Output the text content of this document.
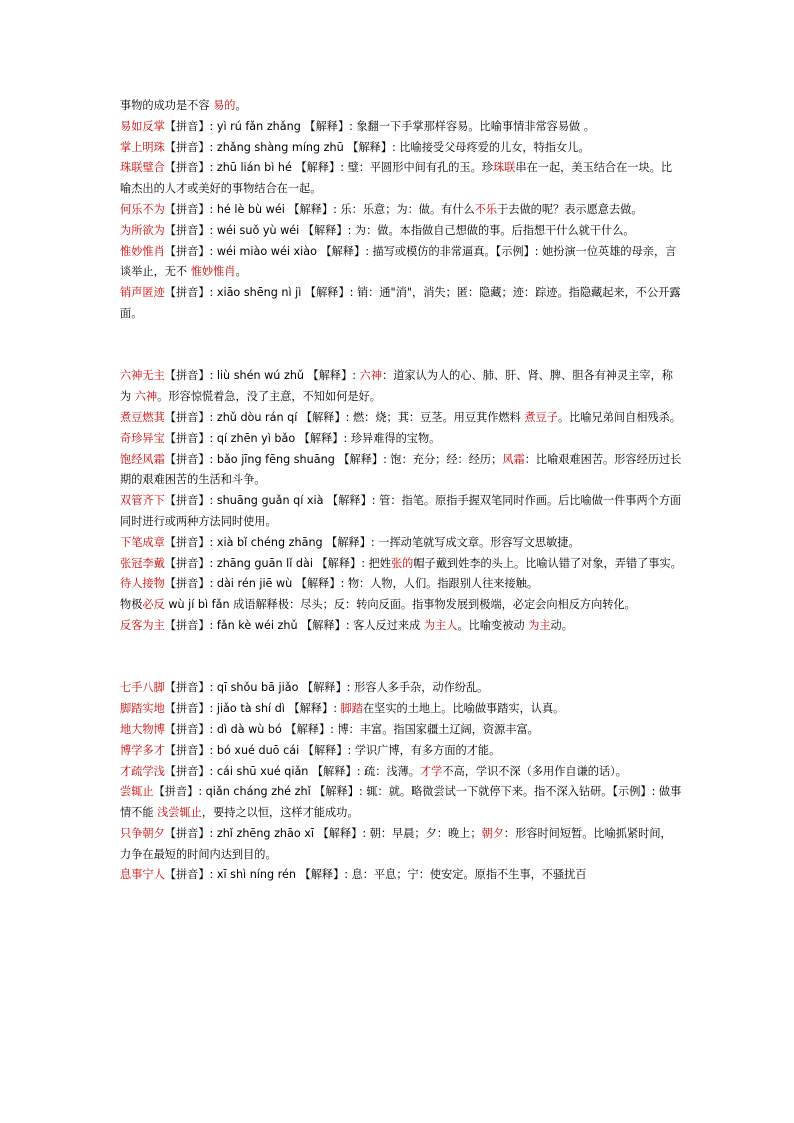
事物的成功是不容 易的。

易如反掌【拼音】: yì rú fǎn zhǎng 【解释】: 象翻一下手掌那样容易。比喻事情非常容易做 。

掌上明珠【拼音】: zhǎng shàng míng zhū 【解释】: 比喻接受父母疼爱的儿女，特指女儿。

珠联璧合【拼音】: zhū lián bì hé 【解释】: 璧：平圆形中间有孔的玉。珍珠联串在一起，美玉结合在一块。比喻杰出的人才或美好的事物结合在一起。

何乐不为【拼音】: hé lè bù wéi 【解释】: 乐：乐意；为：做。有什么不乐于去做的呢？表示愿意去做。

为所欲为【拼音】: wéi suǒ yù wéi 【解释】: 为：做。本指做自己想做的事。后指想干什么就干什么。

惟妙惟肖【拼音】: wéi miào wéi xiào 【解释】: 描写或模仿的非常逼真。【示例】: 她扮演一位英雄的母亲，言谈举止，无不 惟妙惟肖。

销声匿迹【拼音】: xiāo shēng nì jì 【解释】: 销：通"消"，消失；匿：隐藏；迹：踪迹。指隐藏起来，不公开露面。

六神无主【拼音】: liù shén wú zhǔ 【解释】: 六神：道家认为人的心、肺、肝、肾、脾、胆各有神灵主宰，称为 六神。形容惊慌着急，没了主意，不知如何是好。

煮豆燃萁【拼音】: zhǔ dòu rán qí 【解释】: 燃：烧；萁：豆茎。用豆萁作燃料 煮豆子。比喻兄弟间自相残杀。

奇珍异宝【拼音】: qí zhēn yì bǎo 【解释】: 珍异难得的宝物。

饱经风霜【拼音】: bǎo jīng fēng shuāng 【解释】: 饱：充分；经：经历；风霜：比喻艰难困苦。形容经历过长期的艰难困苦的生活和斗争。

双管齐下【拼音】: shuāng guǎn qí xià 【解释】: 管：指笔。原指手握双笔同时作画。后比喻做一件事两个方面同时进行或两种方法同时使用。

下笔成章【拼音】: xià bǐ chéng zhāng 【解释】: 一挥动笔就写成文章。形容写文思敏捷。

张冠李戴【拼音】: zhāng guān lǐ dài 【解释】: 把姓张的帽子戴到姓李的头上。比喻认错了对象，弄错了事实。

待人接物【拼音】: dài rén jiē wù 【解释】: 物：人物，人们。指跟别人往来接触。

物极必反 wù jí bì fǎn 成语解释极：尽头；反：转向反面。指事物发展到极端，必定会向相反方向转化。

反客为主【拼音】: fǎn kè wéi zhǔ 【解释】: 客人反过来成 为主人。比喻变被动 为主动。

七手八脚【拼音】: qī shǒu bā jiǎo 【解释】: 形容人多手杂，动作纷乱。

脚踏实地【拼音】: jiǎo tà shí dì 【解释】: 脚踏在坚实的土地上。比喻做事踏实，认真。

地大物博【拼音】: dì dà wù bó 【解释】: 博：丰富。指国家疆土辽阔，资源丰富。

博学多才【拼音】: bó xué duō cái 【解释】: 学识广博，有多方面的才能。

才疏学浅【拼音】: cái shū xué qiǎn 【解释】: 疏：浅薄。才学不高，学识不深（多用作自谦的话）。

尝辄止【拼音】: qiǎn cháng zhé zhǐ 【解释】: 辄：就。略微尝试一下就停下来。指不深入钻研。【示例】: 做事情不能 浅尝辄止，要持之以恒，这样才能成功。

只争朝夕【拼音】: zhǐ zhēng zhāo xī 【解释】: 朝：早晨；夕：晚上；朝夕：形容时间短暂。比喻抓紧时间，力争在最短的时间内达到目的。

息事宁人【拼音】: xī shì níng rén 【解释】: 息：平息；宁：使安定。原指不生事，不骚扰百
